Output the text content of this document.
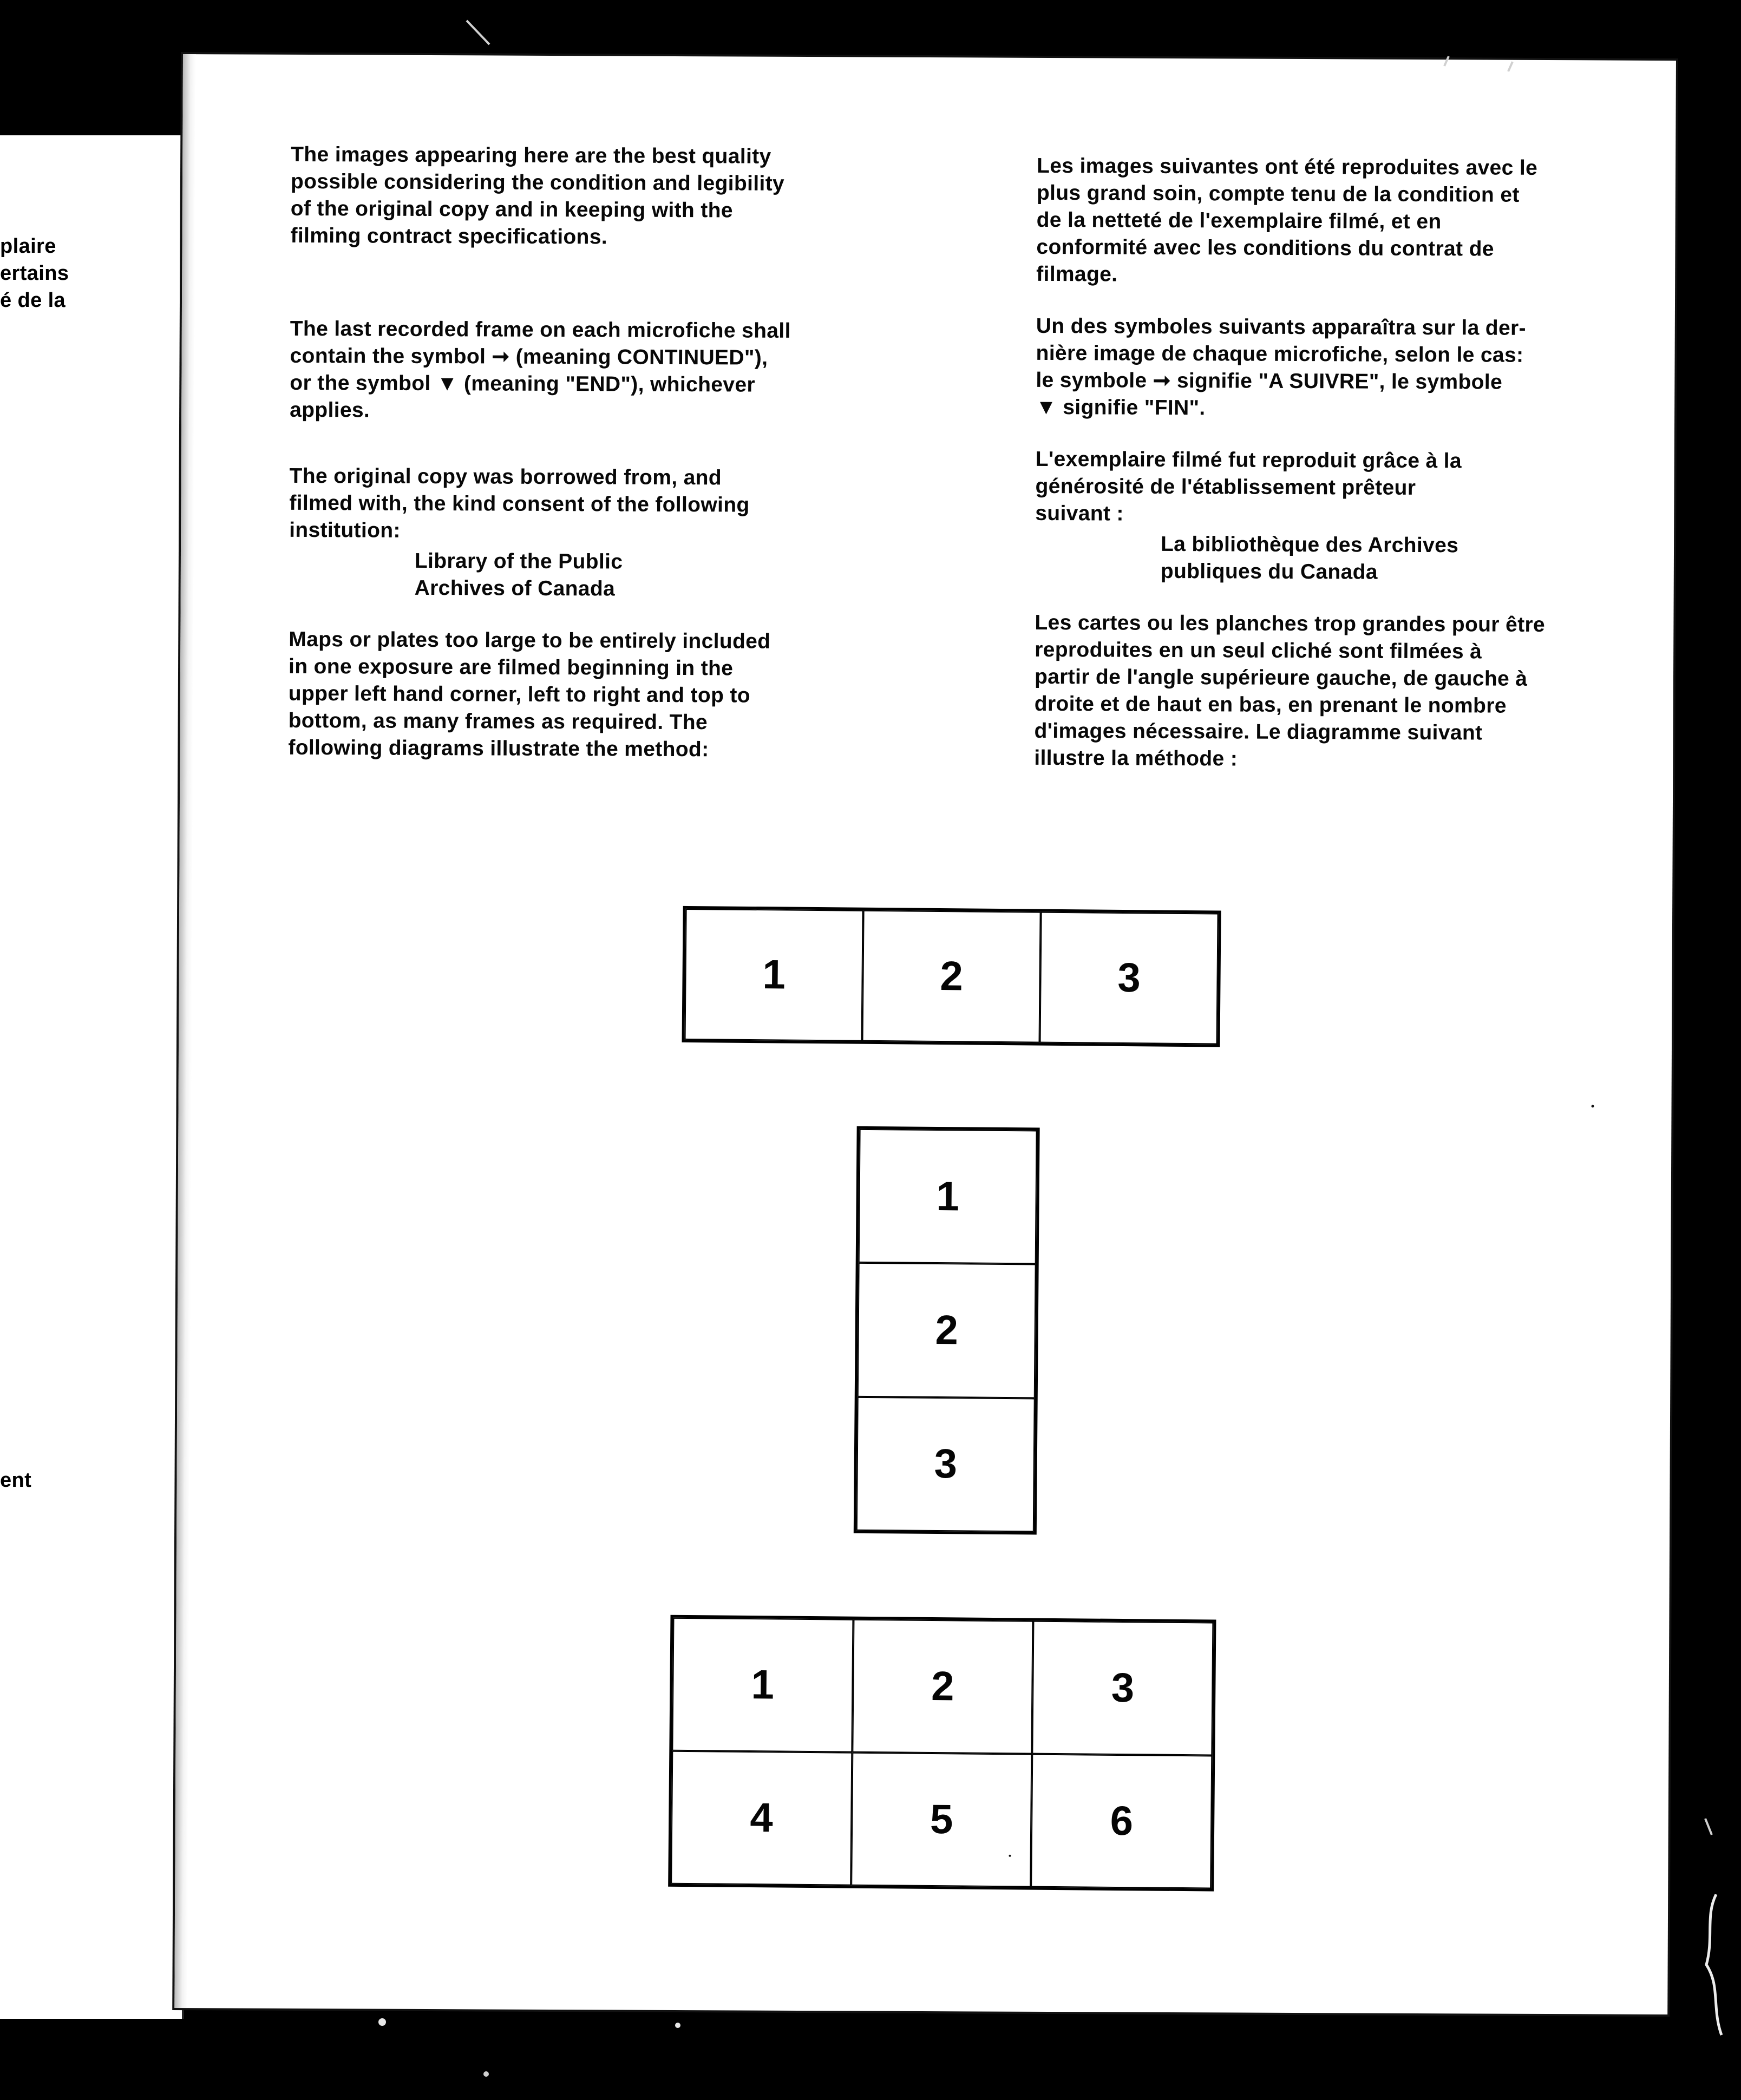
plaire

ertains

é de la

ent

The images appearing here are the best quality
possible considering the condition and legibility
of the original copy and in keeping with the
filming contract specifications.

The last recorded frame on each microfiche shall
contain the symbol ➞ (meaning CONTINUED"),
or the symbol ▼ (meaning "END"), whichever
applies.

The original copy was borrowed from, and
filmed with, the kind consent of the following
institution:

Library of the Public
Archives of Canada

Maps or plates too large to be entirely included
in one exposure are filmed beginning in the
upper left hand corner, left to right and top to
bottom, as many frames as required. The
following diagrams illustrate the method:

Les images suivantes ont été reproduites avec le
plus grand soin, compte tenu de la condition et
de la netteté de l'exemplaire filmé, et en
conformité avec les conditions du contrat de
filmage.

Un des symboles suivants apparaîtra sur la der-
nière image de chaque microfiche, selon le cas:
le symbole ➞ signifie "A SUIVRE", le symbole
▼ signifie "FIN".

L'exemplaire filmé fut reproduit grâce à la
générosité de l'établissement prêteur
suivant :

La bibliothèque des Archives
publiques du Canada

Les cartes ou les planches trop grandes pour être
reproduites en un seul cliché sont filmées à
partir de l'angle supérieure gauche, de gauche à
droite et de haut en bas, en prenant le nombre
d'images nécessaire. Le diagramme suivant
illustre la méthode :

1	2	3
1
2
3
1	2	3
4	5	6
